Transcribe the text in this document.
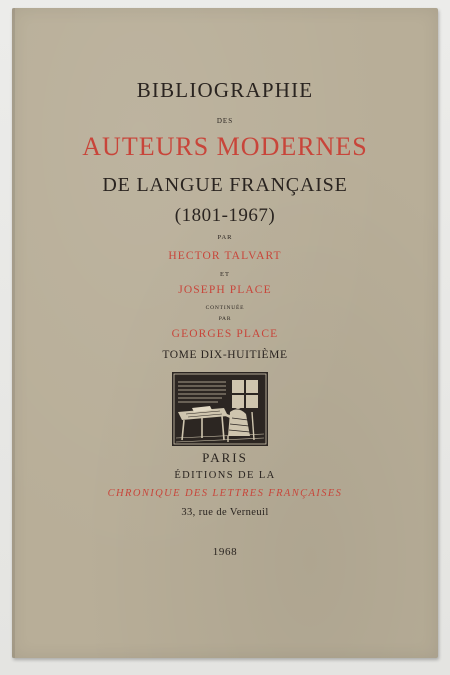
BIBLIOGRAPHIE
DES
AUTEURS MODERNES
DE LANGUE FRANÇAISE
(1801-1967)
PAR
HECTOR TALVART
ET
JOSEPH PLACE
CONTINUÉE
PAR
GEORGES PLACE
TOME DIX-HUITIÈME
PARIS
ÉDITIONS DE LA
CHRONIQUE DES LETTRES FRANÇAISES
33, rue de Verneuil
1968
